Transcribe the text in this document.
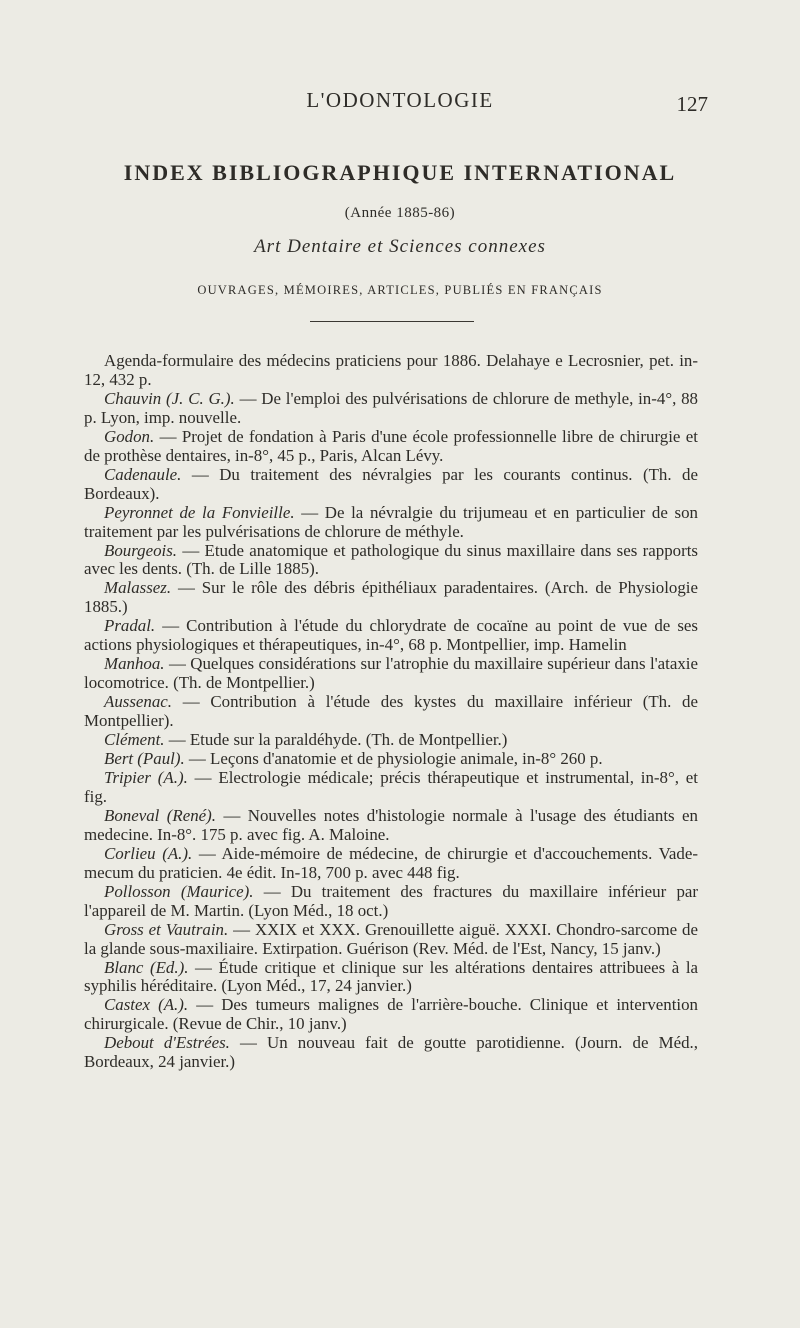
L'ODONTOLOGIE	127
INDEX BIBLIOGRAPHIQUE INTERNATIONAL
(Année 1885-86)
Art Dentaire et Sciences connexes
OUVRAGES, MÉMOIRES, ARTICLES, PUBLIÉS EN FRANÇAIS

Agenda-formulaire des médecins praticiens pour 1886. Delahaye e Lecrosnier, pet. in-12, 432 p.

Chauvin (J. C. G.). — De l'emploi des pulvérisations de chlorure de methyle, in-4°, 88 p. Lyon, imp. nouvelle.

Godon. — Projet de fondation à Paris d'une école professionnelle libre de chirurgie et de prothèse dentaires, in-8°, 45 p., Paris, Alcan Lévy.

Cadenaule. — Du traitement des névralgies par les courants continus. (Th. de Bordeaux).

Peyronnet de la Fonvieille. — De la névralgie du trijumeau et en particulier de son traitement par les pulvérisations de chlorure de méthyle.

Bourgeois. — Etude anatomique et pathologique du sinus maxillaire dans ses rapports avec les dents. (Th. de Lille 1885).

Malassez. — Sur le rôle des débris épithéliaux paradentaires. (Arch. de Physiologie 1885.)

Pradal. — Contribution à l'étude du chlorydrate de cocaïne au point de vue de ses actions physiologiques et thérapeutiques, in-4°, 68 p. Montpellier, imp. Hamelin

Manhoa. — Quelques considérations sur l'atrophie du maxillaire supérieur dans l'ataxie locomotrice. (Th. de Montpellier.)

Aussenac. — Contribution à l'étude des kystes du maxillaire inférieur (Th. de Montpellier).

Clément. — Etude sur la paraldéhyde. (Th. de Montpellier.)

Bert (Paul). — Leçons d'anatomie et de physiologie animale, in-8° 260 p.

Tripier (A.). — Electrologie médicale; précis thérapeutique et instrumental, in-8°, et fig.

Boneval (René). — Nouvelles notes d'histologie normale à l'usage des étudiants en medecine. In-8°. 175 p. avec fig. A. Maloine.

Corlieu (A.). — Aide-mémoire de médecine, de chirurgie et d'accouchements. Vade-mecum du praticien. 4e édit. In-18, 700 p. avec 448 fig.

Pollosson (Maurice). — Du traitement des fractures du maxillaire inférieur par l'appareil de M. Martin. (Lyon Méd., 18 oct.)

Gross et Vautrain. — XXIX et XXX. Grenouillette aiguë. XXXI. Chondro-sarcome de la glande sous-maxiliaire. Extirpation. Guérison (Rev. Méd. de l'Est, Nancy, 15 janv.)

Blanc (Ed.). — Étude critique et clinique sur les altérations dentaires attribuees à la syphilis héréditaire. (Lyon Méd., 17, 24 janvier.)

Castex (A.). — Des tumeurs malignes de l'arrière-bouche. Clinique et intervention chirurgicale. (Revue de Chir., 10 janv.)

Debout d'Estrées. — Un nouveau fait de goutte parotidienne. (Journ. de Méd., Bordeaux, 24 janvier.)
